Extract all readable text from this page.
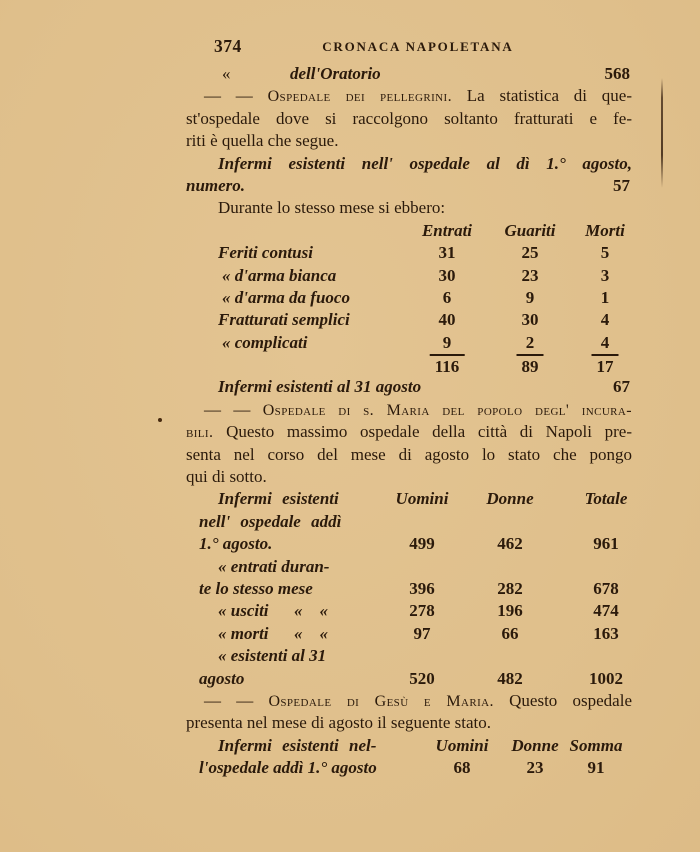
374	CRONACA NAPOLETANA
«	dell'Oratorio	568
— — Ospedale dei pellegrini. La statistica di que-
st'ospedale dove si raccolgono soltanto fratturati e fe-
riti è quella che segue.
Infermi esistenti nell' ospedale al dì 1.° agosto,
numero.	57
Durante lo stesso mese si ebbero:
Entrati Guariti Morti
Feriti contusi	31	25	5
« d'arma bianca	30	23	3
« d'arma da fuoco	6	9	1
Fratturati semplici	40	30	4
« complicati	9	2	4
116	89	17
Infermi esistenti al 31 agosto	67
— — Ospedale di s. Maria del popolo degl' incura-
bili. Questo massimo ospedale della città di Napoli pre-
senta nel corso del mese di agosto lo stato che pongo
qui di sotto.
Infermi esistenti	Uomini Donne	Totale
nell' ospedale addì
1.° agosto.	499	462	961
« entrati duran-
te lo stesso mese	396	282	678
« usciti  « «	278	196	474
« morti  « «	97	66	163
« esistenti al 31
agosto	520	482	1002
— — Ospedale di Gesù e Maria. Questo ospedale
presenta nel mese di agosto il seguente stato.
Infermi esistenti nel-	Uomini Donne Somma
l'ospedale addì 1.° agosto	68	23	91
